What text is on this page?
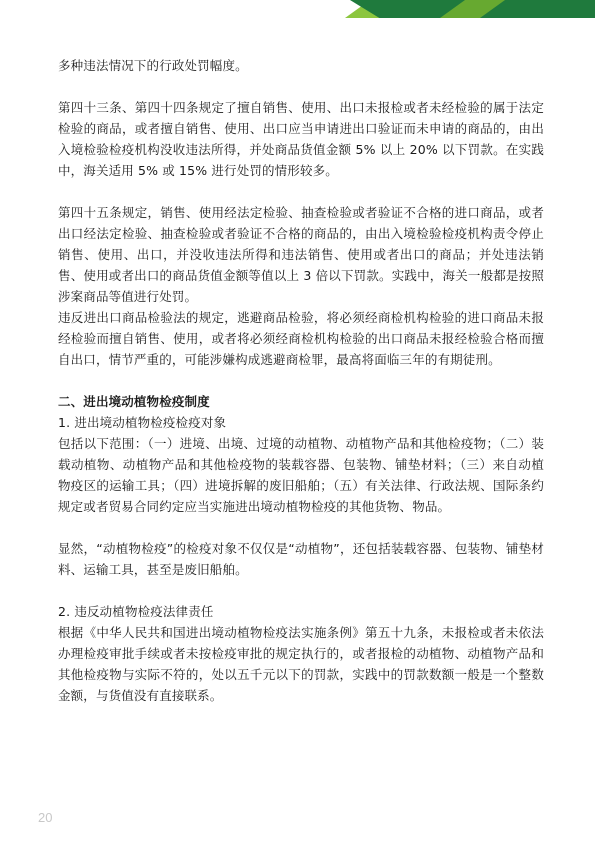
多种违法情况下的行政处罚幅度。

第四十三条、第四十四条规定了擅自销售、使用、出口未报检或者未经检验的属于法定检验的商品，或者擅自销售、使用、出口应当申请进出口验证而未申请的商品的，由出入境检验检疫机构没收违法所得，并处商品货值金额 5% 以上 20% 以下罚款。在实践中，海关适用 5% 或 15% 进行处罚的情形较多。

第四十五条规定，销售、使用经法定检验、抽查检验或者验证不合格的进口商品，或者出口经法定检验、抽查检验或者验证不合格的商品的，由出入境检验检疫机构责令停止销售、使用、出口，并没收违法所得和违法销售、使用或者出口的商品；并处违法销售、使用或者出口的商品货值金额等值以上 3 倍以下罚款。实践中，海关一般都是按照涉案商品等值进行处罚。

违反进出口商品检验法的规定，逃避商品检验，将必须经商检机构检验的进口商品未报经检验而擅自销售、使用，或者将必须经商检机构检验的出口商品未报经检验合格而擅自出口，情节严重的，可能涉嫌构成逃避商检罪，最高将面临三年的有期徒刑。

二、进出境动植物检疫制度

1. 进出境动植物检疫检疫对象

包括以下范围：（一）进境、出境、过境的动植物、动植物产品和其他检疫物；（二）装载动植物、动植物产品和其他检疫物的装载容器、包装物、铺垫材料；（三）来自动植物疫区的运输工具；（四）进境拆解的废旧船舶；（五）有关法律、行政法规、国际条约规定或者贸易合同约定应当实施进出境动植物检疫的其他货物、物品。

显然，“动植物检疫”的检疫对象不仅仅是“动植物”，还包括装载容器、包装物、铺垫材料、运输工具，甚至是废旧船舶。

2. 违反动植物检疫法律责任

根据《中华人民共和国进出境动植物检疫法实施条例》第五十九条，未报检或者未依法办理检疫审批手续或者未按检疫审批的规定执行的，或者报检的动植物、动植物产品和其他检疫物与实际不符的，处以五千元以下的罚款，实践中的罚款数额一般是一个整数金额，与货值没有直接联系。

20
